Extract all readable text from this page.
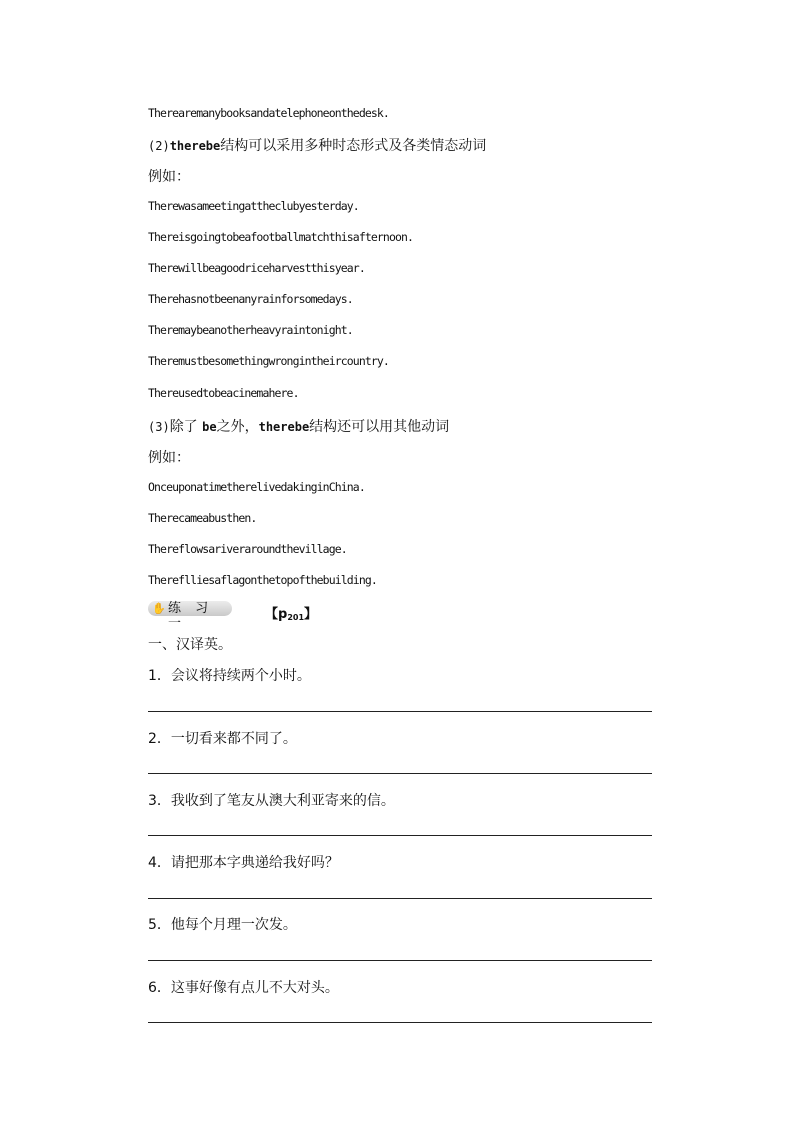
Therearemanybooksandatelephoneonthedesk.
(2)therebe结构可以采用多种时态形式及各类情态动词
例如：
Therewasameetingattheclubyesterday.
Thereisgoingtobeafootballmatchthisafternoon.
Therewillbeagoodriceharvestthisyear.
Therehasnotbeenanyrainforsomedays.
Theremaybeanotherheavyraintonight.
Theremustbesomethingwrongintheircountry.
Thereusedtobeacinemahere.
(3)除了 be之外，therebe结构还可以用其他动词
例如：
OnceuponatimetherelivedakinginChina.
Therecameabusthen.
Thereflowsariveraroundthevillage.
Thereflliesaflagonthetopofthebuilding.
✋ 练 习 一
【$p_{201}$】
一、汉译英。
1．会议将持续两个小时。
2．一切看来都不同了。
3．我收到了笔友从澳大利亚寄来的信。
4．请把那本字典递给我好吗？
5．他每个月理一次发。
6．这事好像有点儿不大对头。
